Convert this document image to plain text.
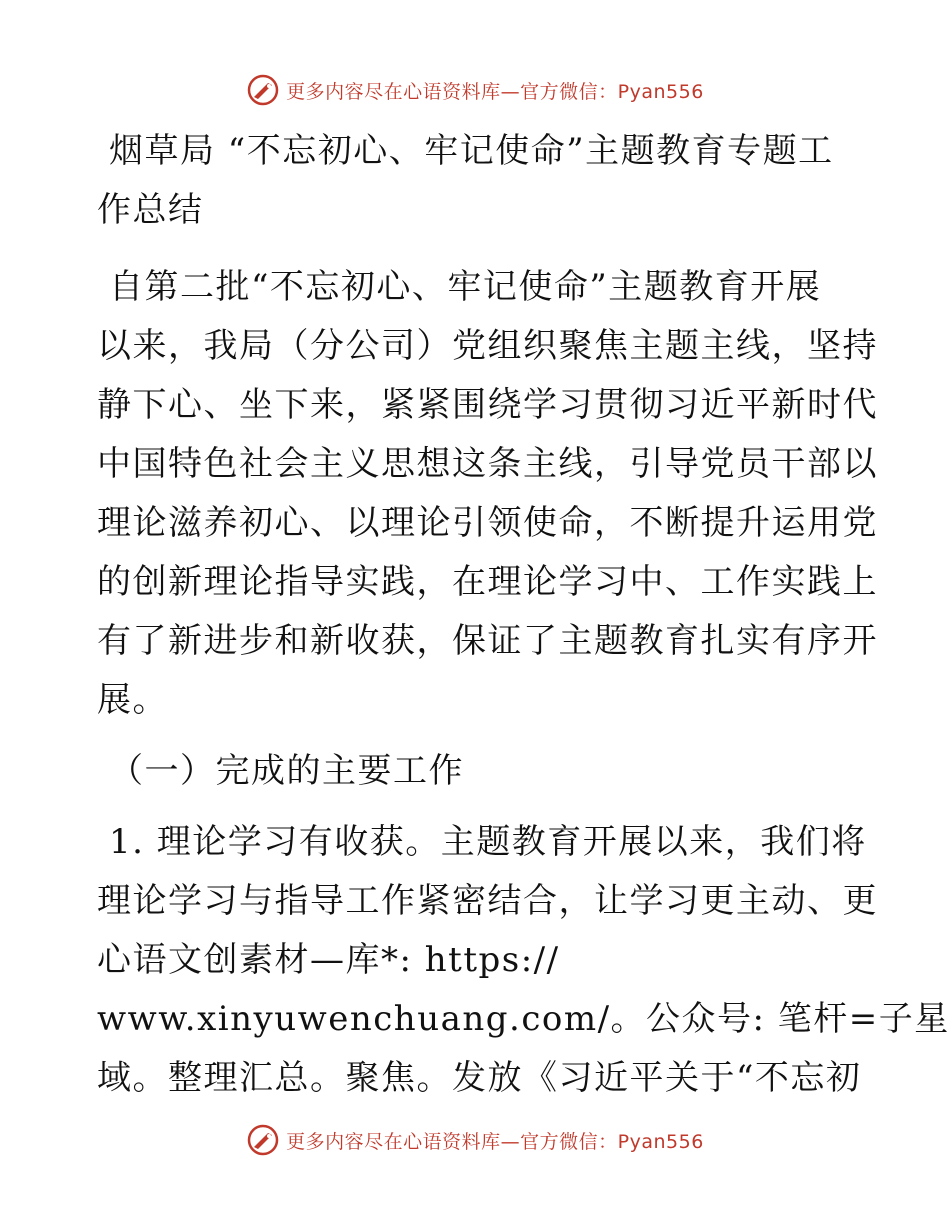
更多内容尽在心语资料库—官方微信：Pyan556
烟草局 “不忘初心、牢记使命”主题教育专题工
作总结
自第二批“不忘初心、牢记使命”主题教育开展
以来，我局（分公司）党组织聚焦主题主线，坚持
静下心、坐下来，紧紧围绕学习贯彻习近平新时代
中国特色社会主义思想这条主线，引导党员干部以
理论滋养初心、以理论引领使命，不断提升运用党
的创新理论指导实践，在理论学习中、工作实践上
有了新进步和新收获，保证了主题教育扎实有序开
展。
（一）完成的主要工作
1. 理论学习有收获。主题教育开展以来，我们将
理论学习与指导工作紧密结合，让学习更主动、更
心语文创素材—库*: https://
www.xinyuwenchuang.com/。公众号: 笔杆=子星
域。整理汇总。聚焦。发放《习近平关于“不忘初
更多内容尽在心语资料库—官方微信：Pyan556
